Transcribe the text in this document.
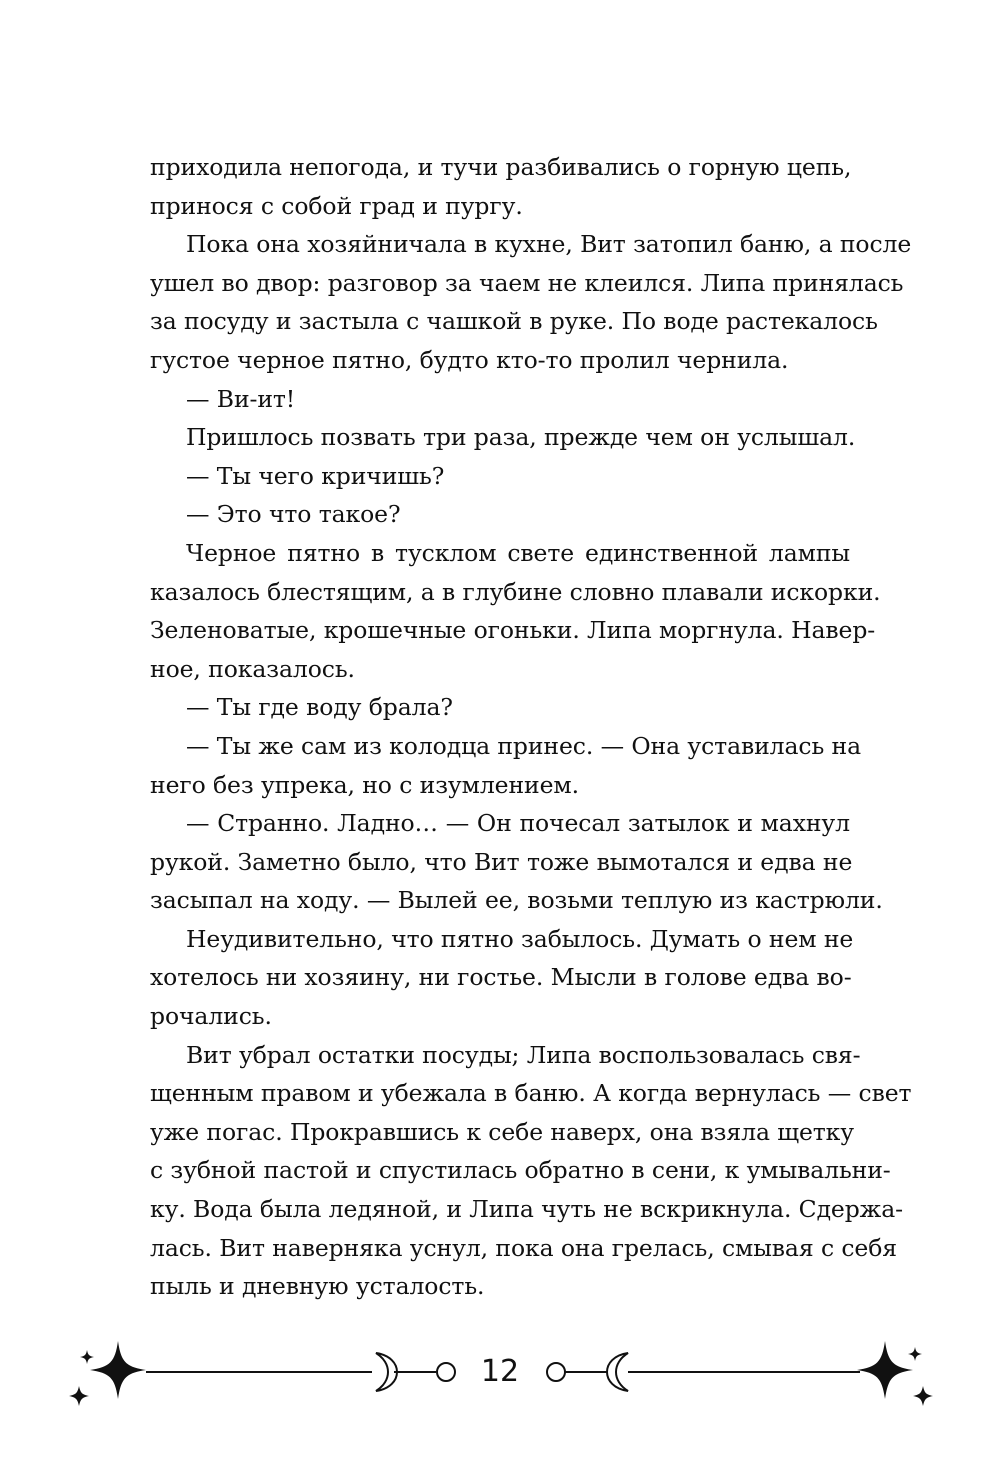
приходила непогода, и тучи разбивались о горную цепь,
принося с собой град и пургу.
Пока она хозяйничала в кухне, Вит затопил баню, а после
ушел во двор: разговор за чаем не клеился. Липа принялась
за посуду и застыла с чашкой в руке. По воде растекалось
густое черное пятно, будто кто-то пролил чернила.
— Ви-ит!
Пришлось позвать три раза, прежде чем он услышал.
— Ты чего кричишь?
— Это что такое?
Черное пятно в тусклом свете единственной лампы
казалось блестящим, а в глубине словно плавали искорки.
Зеленоватые, крошечные огоньки. Липа моргнула. Навер-
ное, показалось.
— Ты где воду брала?
— Ты же сам из колодца принес. — Она уставилась на
него без упрека, но с изумлением.
— Странно. Ладно… — Он почесал затылок и махнул
рукой. Заметно было, что Вит тоже вымотался и едва не
засыпал на ходу. — Вылей ее, возьми теплую из кастрюли.
Неудивительно, что пятно забылось. Думать о нем не
хотелось ни хозяину, ни гостье. Мысли в голове едва во-
рочались.
Вит убрал остатки посуды; Липа воспользовалась свя-
щенным правом и убежала в баню. А когда вернулась — свет
уже погас. Прокравшись к себе наверх, она взяла щетку
с зубной пастой и спустилась обратно в сени, к умывальни-
ку. Вода была ледяной, и Липа чуть не вскрикнула. Сдержа-
лась. Вит наверняка уснул, пока она грелась, смывая с себя
пыль и дневную усталость.
12
